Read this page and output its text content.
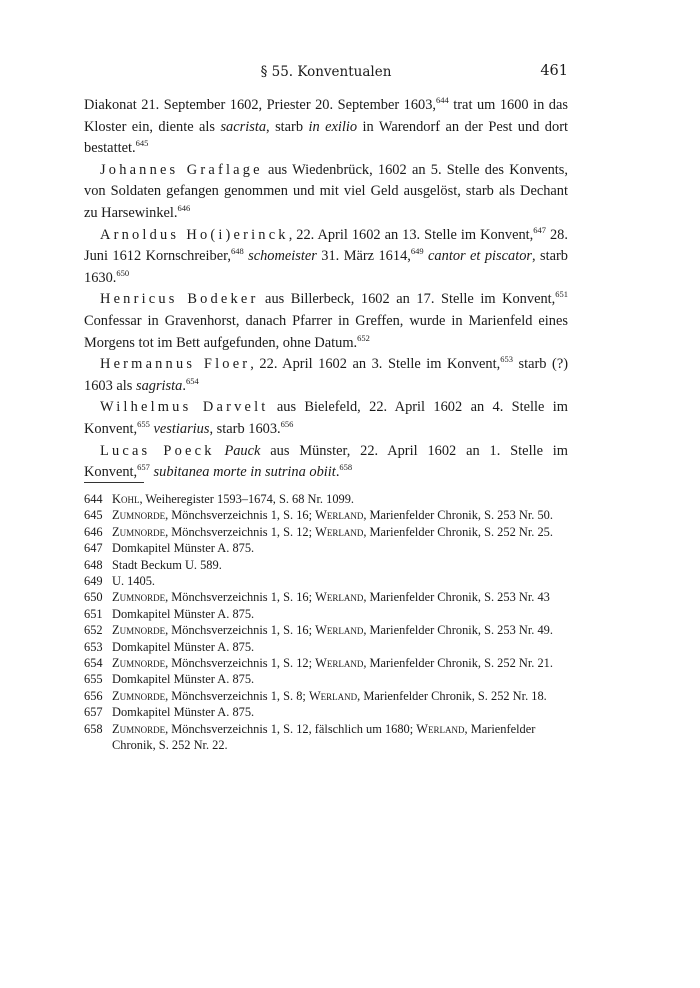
§ 55. Konventualen	461

Diakonat 21. September 1602, Priester 20. September 1603,$^{644}$ trat um 1600 in das Kloster ein, diente als sacrista, starb in exilio in Warendorf an der Pest und dort bestattet.$^{645}$

Johannes Graflage aus Wiedenbrück, 1602 an 5. Stelle des Konvents, von Soldaten gefangen genommen und mit viel Geld ausgelöst, starb als Dechant zu Harsewinkel.$^{646}$

Arnoldus Ho(i)erinck, 22. April 1602 an 13. Stelle im Konvent,$^{647}$ 28. Juni 1612 Kornschreiber,$^{648}$ schomeister 31. März 1614,$^{649}$ cantor et piscator, starb 1630.$^{650}$

Henricus Bodeker aus Billerbeck, 1602 an 17. Stelle im Konvent,$^{651}$ Confessar in Gravenhorst, danach Pfarrer in Greffen, wurde in Marienfeld eines Morgens tot im Bett aufgefunden, ohne Datum.$^{652}$

Hermannus Floer, 22. April 1602 an 3. Stelle im Konvent,$^{653}$ starb (?) 1603 als sagrista.$^{654}$

Wilhelmus Darvelt aus Bielefeld, 22. April 1602 an 4. Stelle im Konvent,$^{655}$ vestiarius, starb 1603.$^{656}$

Lucas Poeck Pauck aus Münster, 22. April 1602 an 1. Stelle im Konvent,$^{657}$ subitanea morte in sutrina obiit.$^{658}$

644 Kohl, Weiheregister 1593–1674, S. 68 Nr. 1099.
645 Zumnorde, Mönchsverzeichnis 1, S. 16; Werland, Marienfelder Chronik, S. 253 Nr. 50.
646 Zumnorde, Mönchsverzeichnis 1, S. 12; Werland, Marienfelder Chronik, S. 252 Nr. 25.
647 Domkapitel Münster A. 875.
648 Stadt Beckum U. 589.
649 U. 1405.
650 Zumnorde, Mönchsverzeichnis 1, S. 16; Werland, Marienfelder Chronik, S. 253 Nr. 43
651 Domkapitel Münster A. 875.
652 Zumnorde, Mönchsverzeichnis 1, S. 16; Werland, Marienfelder Chronik, S. 253 Nr. 49.
653 Domkapitel Münster A. 875.
654 Zumnorde, Mönchsverzeichnis 1, S. 12; Werland, Marienfelder Chronik, S. 252 Nr. 21.
655 Domkapitel Münster A. 875.
656 Zumnorde, Mönchsverzeichnis 1, S. 8; Werland, Marienfelder Chronik, S. 252 Nr. 18.
657 Domkapitel Münster A. 875.
658 Zumnorde, Mönchsverzeichnis 1, S. 12, fälschlich um 1680; Werland, Marienfelder Chronik, S. 252 Nr. 22.
